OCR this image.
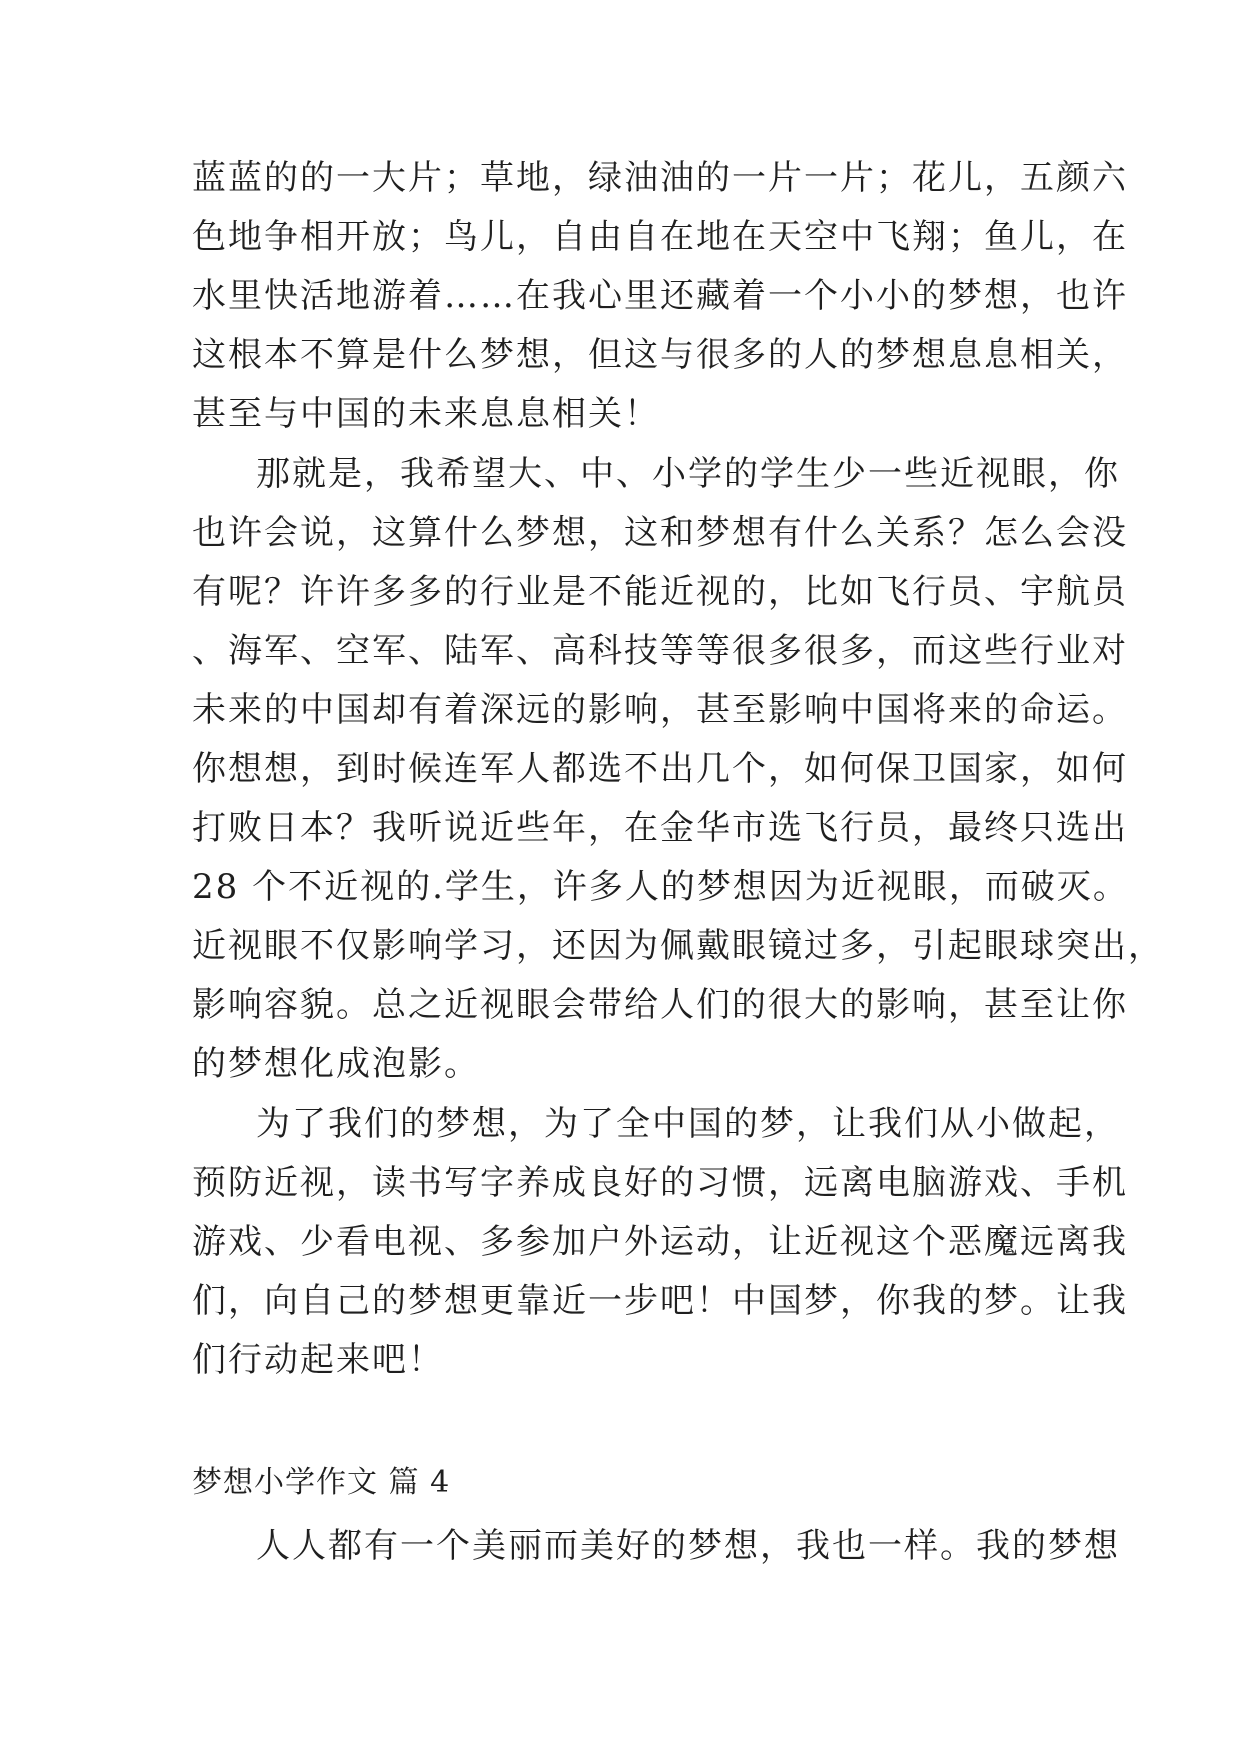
蓝蓝的的一大片；草地，绿油油的一片一片；花儿，五颜六
色地争相开放；鸟儿，自由自在地在天空中飞翔；鱼儿，在
水里快活地游着……在我心里还藏着一个小小的梦想，也许
这根本不算是什么梦想，但这与很多的人的梦想息息相关，
甚至与中国的未来息息相关！
那就是，我希望大、中、小学的学生少一些近视眼，你
也许会说，这算什么梦想，这和梦想有什么关系？怎么会没
有呢？许许多多的行业是不能近视的，比如飞行员、宇航员
、海军、空军、陆军、高科技等等很多很多，而这些行业对
未来的中国却有着深远的影响，甚至影响中国将来的命运。
你想想，到时候连军人都选不出几个，如何保卫国家，如何
打败日本？我听说近些年，在金华市选飞行员，最终只选出
28 个不近视的.学生，许多人的梦想因为近视眼，而破灭。
近视眼不仅影响学习，还因为佩戴眼镜过多，引起眼球突出，
影响容貌。总之近视眼会带给人们的很大的影响，甚至让你
的梦想化成泡影。
为了我们的梦想，为了全中国的梦，让我们从小做起，
预防近视，读书写字养成良好的习惯，远离电脑游戏、手机
游戏、少看电视、多参加户外运动，让近视这个恶魔远离我
们，向自己的梦想更靠近一步吧！中国梦，你我的梦。让我
们行动起来吧！
梦想小学作文 篇 4
人人都有一个美丽而美好的梦想，我也一样。我的梦想
